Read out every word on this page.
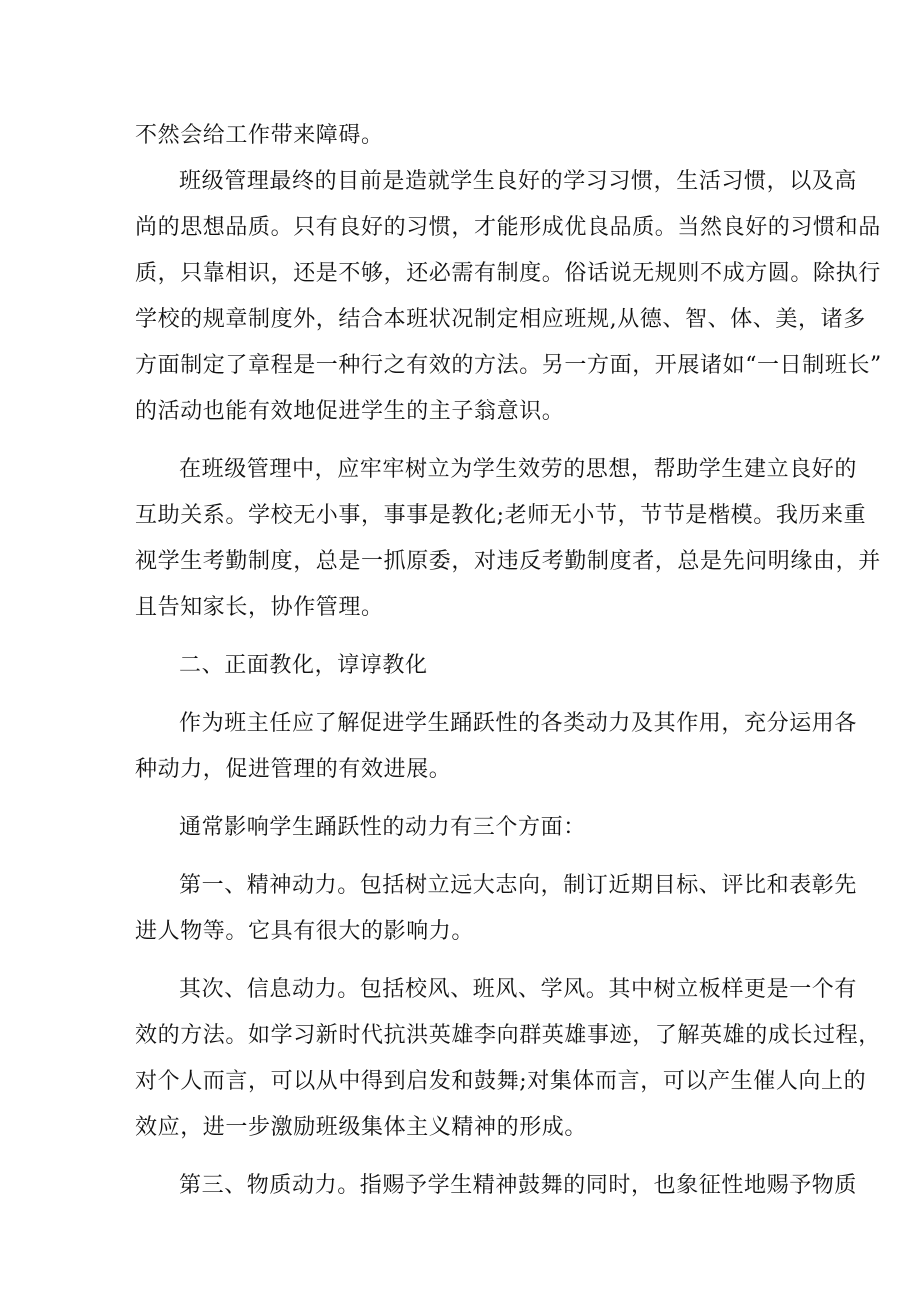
不然会给工作带来障碍。
班级管理最终的目前是造就学生良好的学习习惯，生活习惯，以及高
尚的思想品质。只有良好的习惯，才能形成优良品质。当然良好的习惯和品
质，只靠相识，还是不够，还必需有制度。俗话说无规则不成方圆。除执行
学校的规章制度外，结合本班状况制定相应班规,从德、智、体、美，诸多
方面制定了章程是一种行之有效的方法。另一方面，开展诸如“一日制班长”
的活动也能有效地促进学生的主子翁意识。
在班级管理中，应牢牢树立为学生效劳的思想，帮助学生建立良好的
互助关系。学校无小事，事事是教化;老师无小节，节节是楷模。我历来重
视学生考勤制度，总是一抓原委，对违反考勤制度者，总是先问明缘由，并
且告知家长，协作管理。
二、正面教化，谆谆教化
作为班主任应了解促进学生踊跃性的各类动力及其作用，充分运用各
种动力，促进管理的有效进展。
通常影响学生踊跃性的动力有三个方面：
第一、精神动力。包括树立远大志向，制订近期目标、评比和表彰先
进人物等。它具有很大的影响力。
其次、信息动力。包括校风、班风、学风。其中树立板样更是一个有
效的方法。如学习新时代抗洪英雄李向群英雄事迹，了解英雄的成长过程，
对个人而言，可以从中得到启发和鼓舞;对集体而言，可以产生催人向上的
效应，进一步激励班级集体主义精神的形成。
第三、物质动力。指赐予学生精神鼓舞的同时，也象征性地赐予物质
